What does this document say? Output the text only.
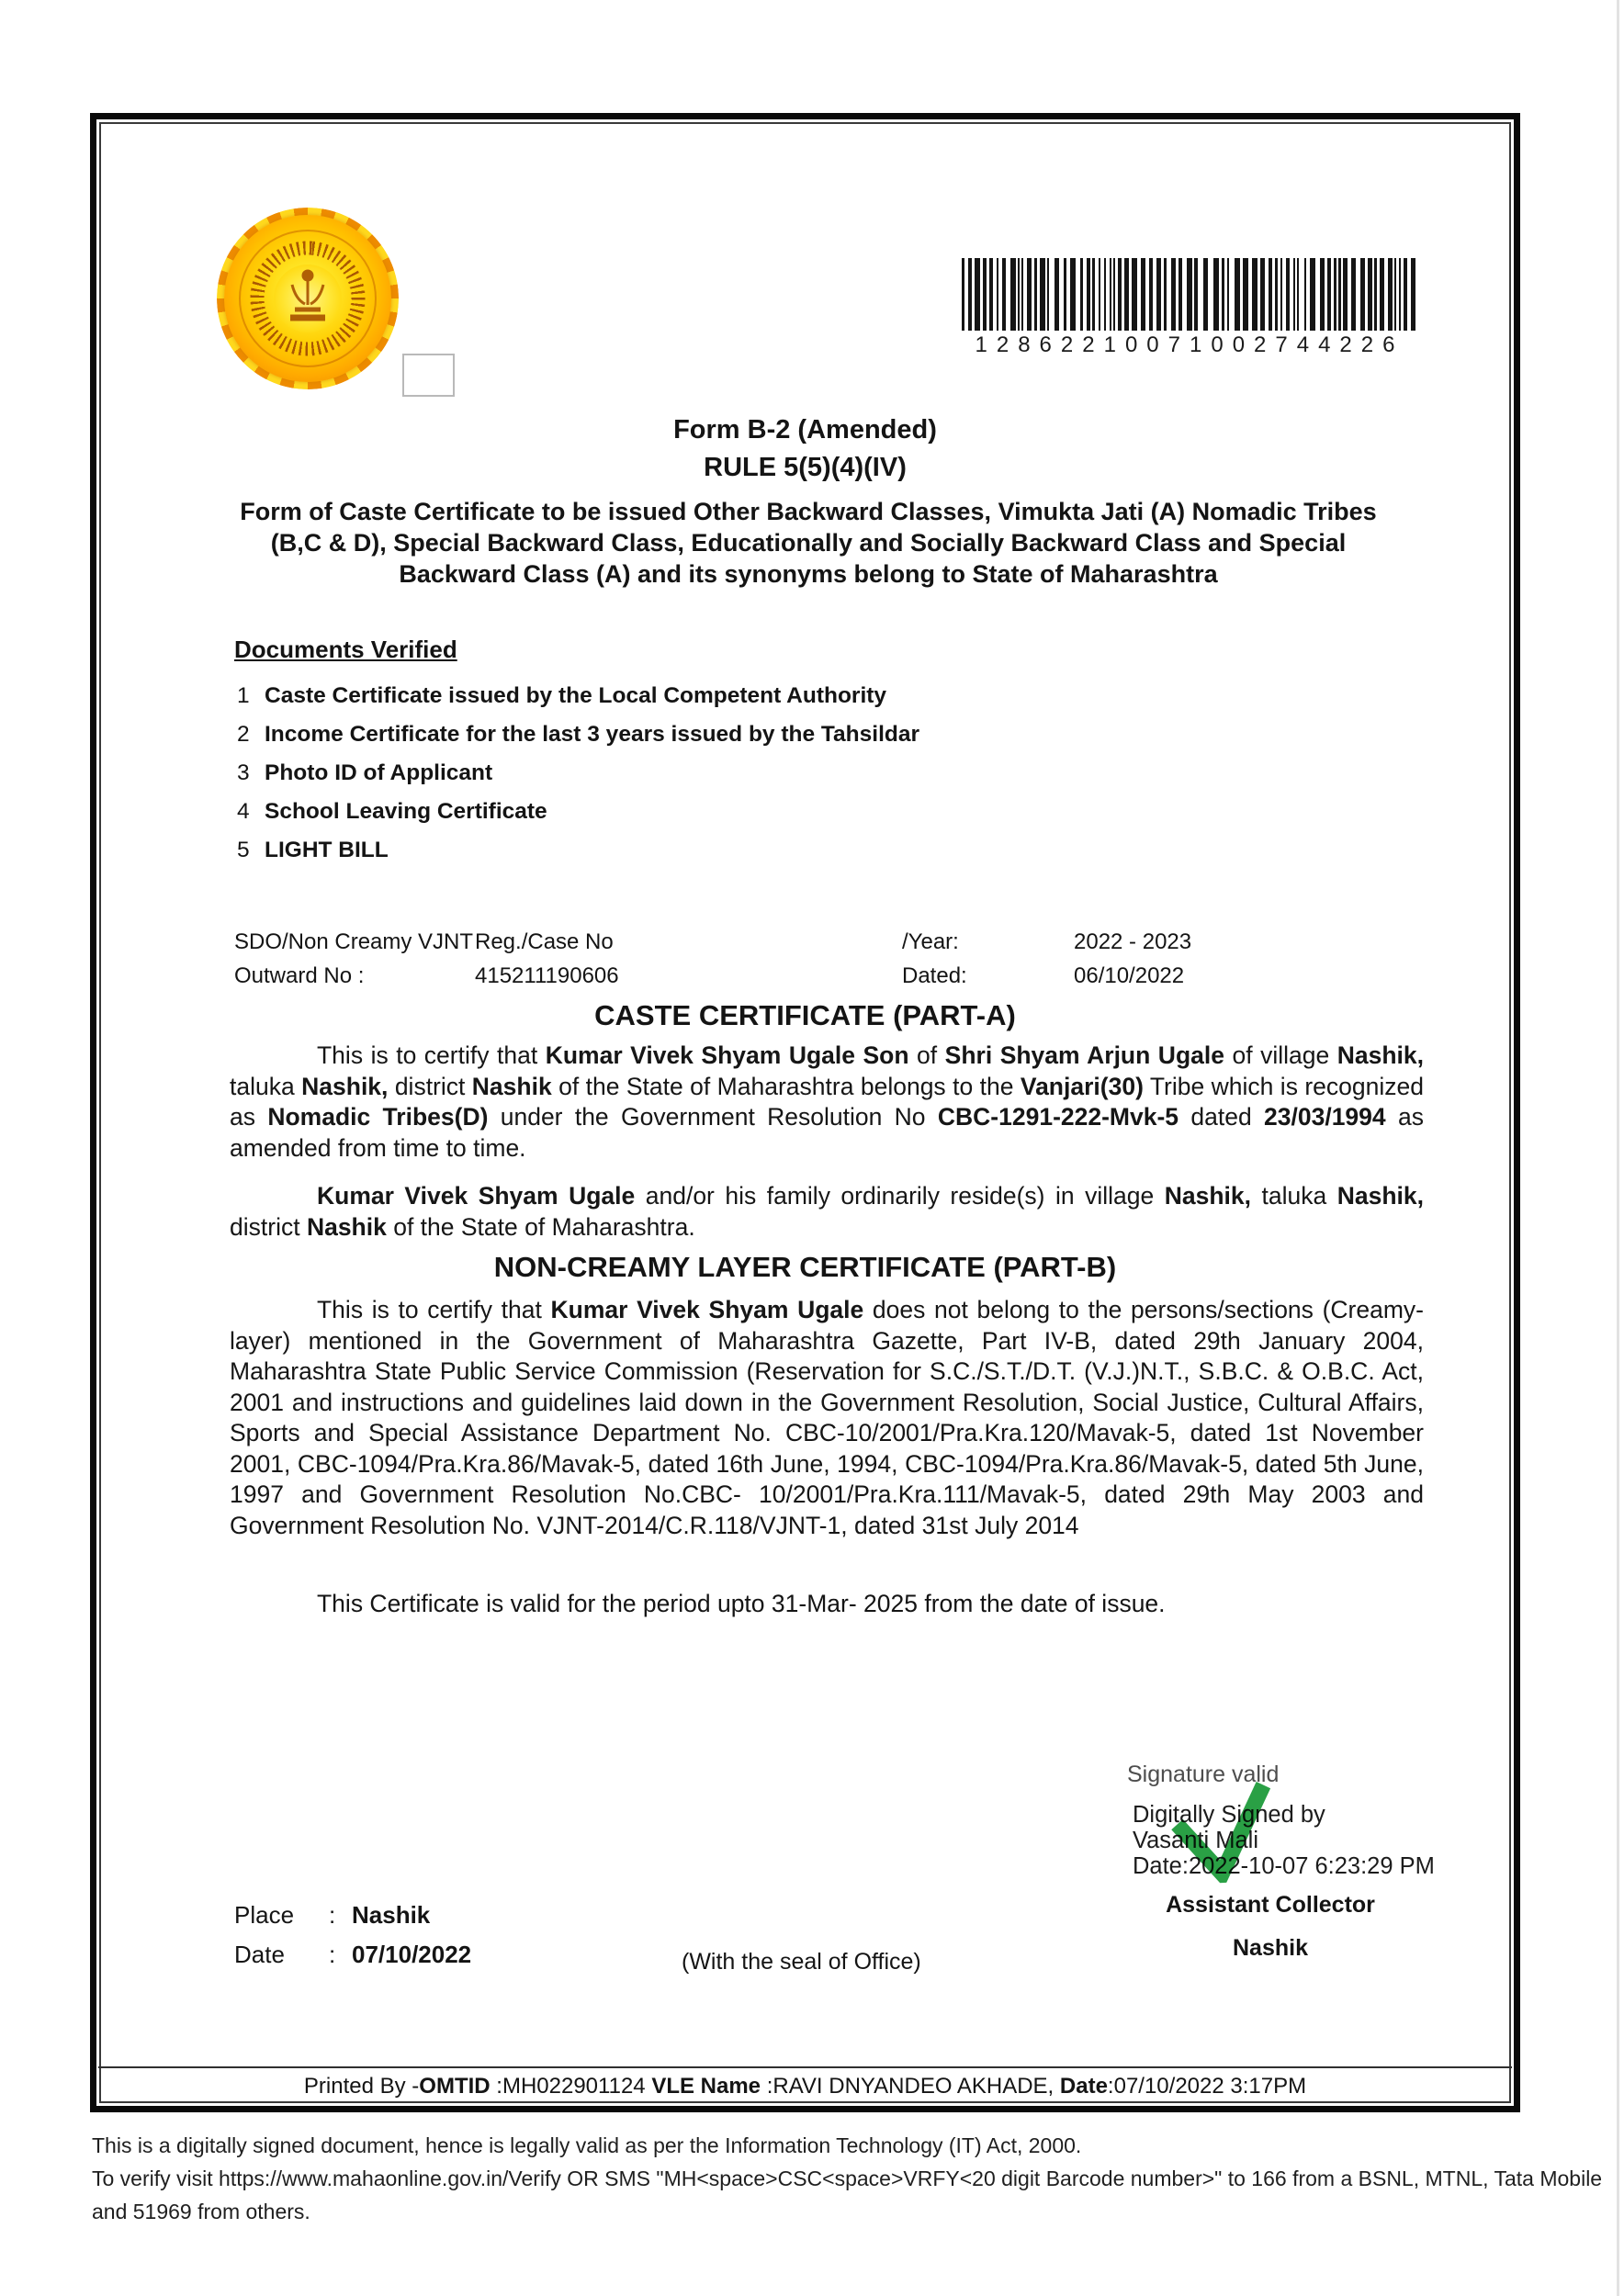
12862210071002744226
Form B-2 (Amended)
RULE 5(5)(4)(IV)
Form of Caste Certificate to be issued Other Backward Classes, Vimukta Jati (A) Nomadic Tribes (B,C & D), Special Backward Class, Educationally and Socially Backward Class and Special Backward Class (A) and its synonyms belong to State of Maharashtra
Documents Verified
1 Caste Certificate issued by the Local Competent Authority
2 Income Certificate for the last 3 years issued by the Tahsildar
3 Photo ID of Applicant
4 School Leaving Certificate
5 LIGHT BILL
SDO/Non Creamy VJNT Reg./Case No	/Year:	2022 - 2023
Outward No :	415211190606	Dated:	06/10/2022
CASTE CERTIFICATE (PART-A)
This is to certify that Kumar Vivek Shyam Ugale Son of Shri Shyam Arjun Ugale of village Nashik, taluka Nashik, district Nashik of the State of Maharashtra belongs to the Vanjari(30) Tribe which is recognized as Nomadic Tribes(D) under the Government Resolution No CBC-1291-222-Mvk-5 dated 23/03/1994 as amended from time to time.
Kumar Vivek Shyam Ugale and/or his family ordinarily reside(s) in village Nashik, taluka Nashik, district Nashik of the State of Maharashtra.
NON-CREAMY LAYER CERTIFICATE (PART-B)
This is to certify that Kumar Vivek Shyam Ugale does not belong to the persons/sections (Creamy-layer) mentioned in the Government of Maharashtra Gazette, Part IV-B, dated 29th January 2004, Maharashtra State Public Service Commission (Reservation for S.C./S.T./D.T. (V.J.)N.T., S.B.C. & O.B.C. Act, 2001 and instructions and guidelines laid down in the Government Resolution, Social Justice, Cultural Affairs, Sports and Special Assistance Department No. CBC-10/2001/Pra.Kra.120/Mavak-5, dated 1st November 2001, CBC-1094/Pra.Kra.86/Mavak-5, dated 16th June, 1994, CBC-1094/Pra.Kra.86/Mavak-5, dated 5th June, 1997 and Government Resolution No.CBC- 10/2001/Pra.Kra.111/Mavak-5, dated 29th May 2003 and Government Resolution No. VJNT-2014/C.R.118/VJNT-1, dated 31st July 2014
This Certificate is valid for the period upto 31-Mar- 2025 from the date of issue.
Signature valid
Digitally Signed by
Vasanti Mali
Date:2022-10-07 6:23:29 PM
Assistant Collector
Nashik
Place : Nashik
Date : 07/10/2022	(With the seal of Office)
Printed By -OMTID :MH022901124 VLE Name :RAVI DNYANDEO AKHADE, Date:07/10/2022 3:17PM
This is a digitally signed document, hence is legally valid as per the Information Technology (IT) Act, 2000.
To verify visit https://www.mahaonline.gov.in/Verify OR SMS "MH<space>CSC<space>VRFY<20 digit Barcode number>" to 166 from a BSNL, MTNL, Tata Mobile and 51969 from others.
